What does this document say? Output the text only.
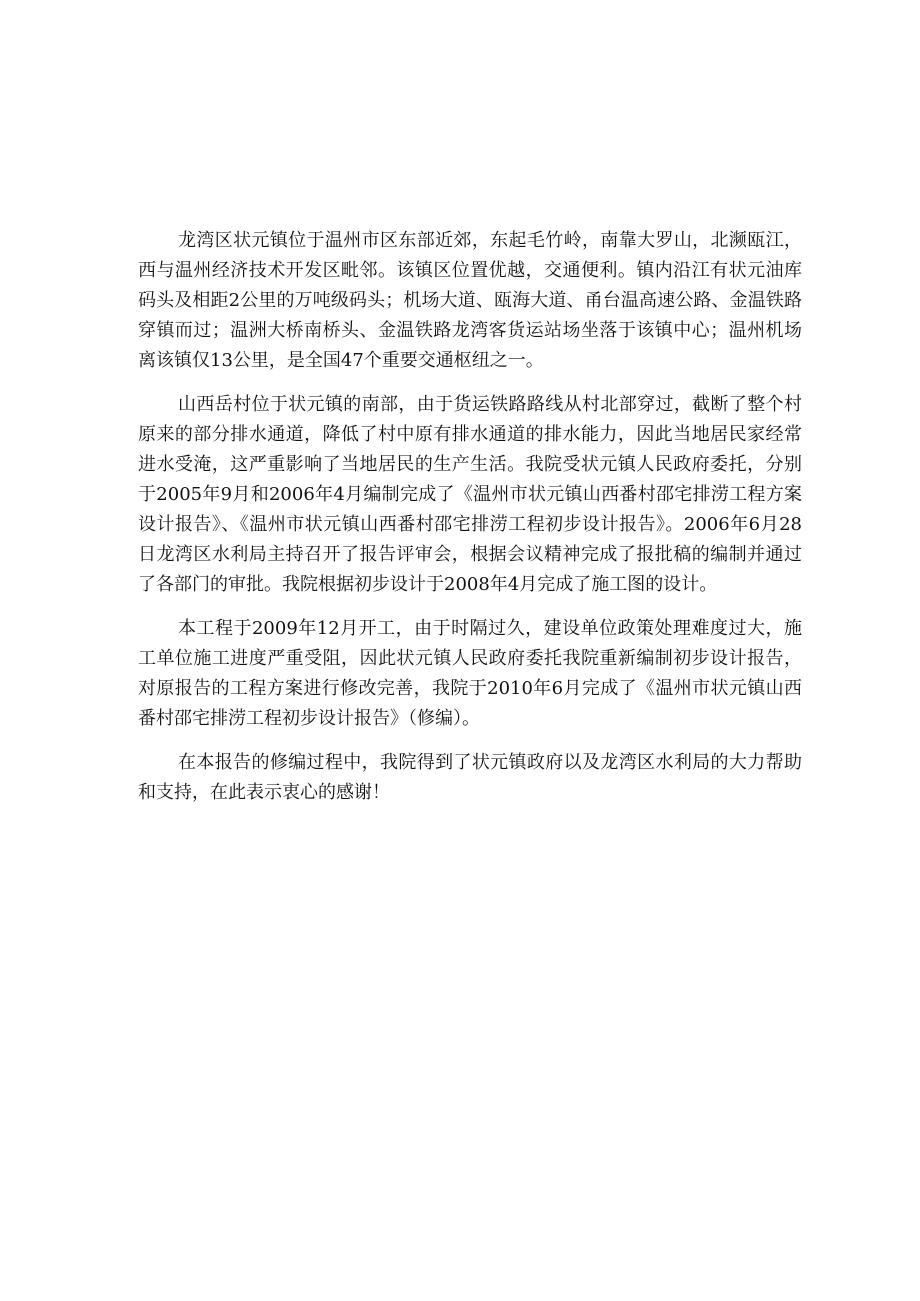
龙湾区状元镇位于温州市区东部近郊，东起毛竹岭，南靠大罗山，北濒瓯江，西与温州经济技术开发区毗邻。该镇区位置优越，交通便利。镇内沿江有状元油库码头及相距2公里的万吨级码头；机场大道、瓯海大道、甬台温高速公路、金温铁路穿镇而过；温洲大桥南桥头、金温铁路龙湾客货运站场坐落于该镇中心；温州机场离该镇仅13公里，是全国47个重要交通枢纽之一。

山西岳村位于状元镇的南部，由于货运铁路路线从村北部穿过，截断了整个村原来的部分排水通道，降低了村中原有排水通道的排水能力，因此当地居民家经常进水受淹，这严重影响了当地居民的生产生活。我院受状元镇人民政府委托，分别于2005年9月和2006年4月编制完成了《温州市状元镇山西番村邵宅排涝工程方案设计报告》、《温州市状元镇山西番村邵宅排涝工程初步设计报告》。2006年6月28日龙湾区水利局主持召开了报告评审会，根据会议精神完成了报批稿的编制并通过了各部门的审批。我院根据初步设计于2008年4月完成了施工图的设计。

本工程于2009年12月开工，由于时隔过久，建设单位政策处理难度过大，施工单位施工进度严重受阻，因此状元镇人民政府委托我院重新编制初步设计报告，对原报告的工程方案进行修改完善，我院于2010年6月完成了《温州市状元镇山西番村邵宅排涝工程初步设计报告》（修编）。

在本报告的修编过程中，我院得到了状元镇政府以及龙湾区水利局的大力帮助和支持，在此表示衷心的感谢！
